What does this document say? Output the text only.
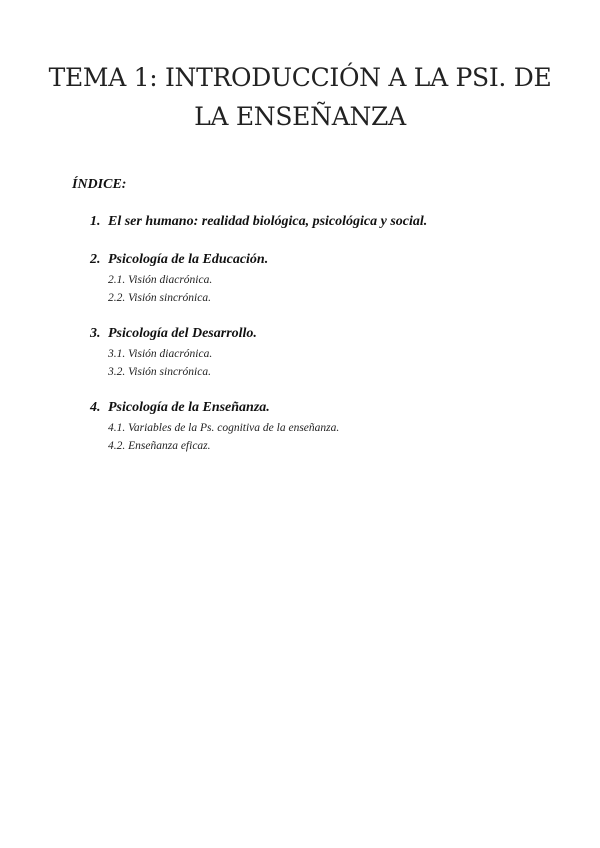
TEMA 1: INTRODUCCIÓN A LA PSI. DE
LA ENSEÑANZA

ÍNDICE:

1. El ser humano: realidad biológica, psicológica y social.
2. Psicología de la Educación.
2.1. Visión diacrónica.
2.2. Visión sincrónica.
3. Psicología del Desarrollo.
3.1. Visión diacrónica.
3.2. Visión sincrónica.
4. Psicología de la Enseñanza.
4.1. Variables de la Ps. cognitiva de la enseñanza.
4.2. Enseñanza eficaz.
